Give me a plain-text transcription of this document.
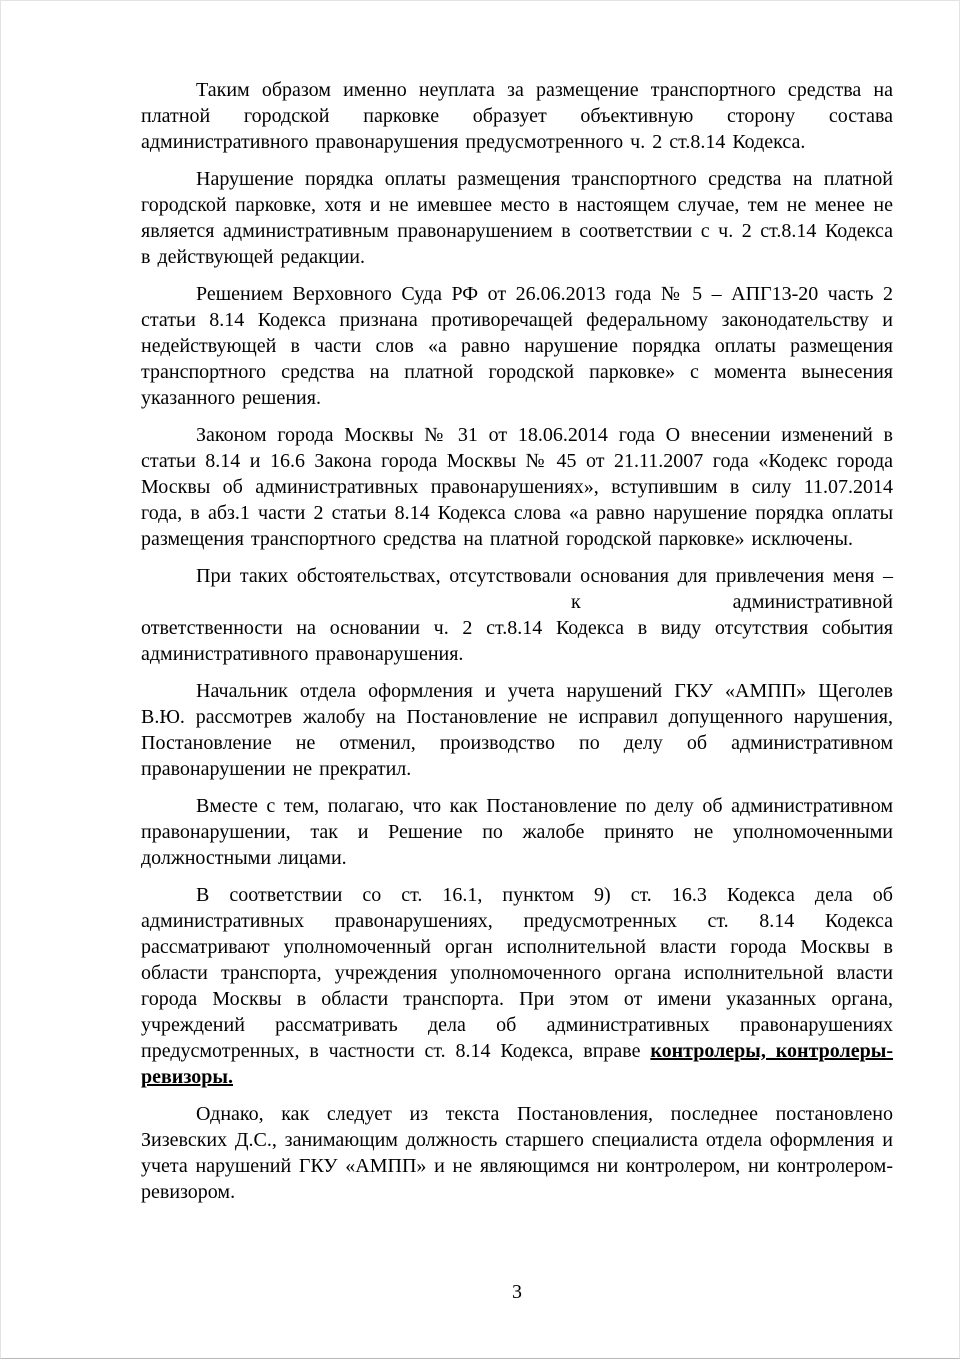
Таким образом именно неуплата за размещение транспортного средства на платной городской парковке образует объективную сторону состава административного правонарушения предусмотренного ч. 2 ст.8.14 Кодекса.

Нарушение порядка оплаты размещения транспортного средства на платной городской парковке, хотя и не имевшее место в настоящем случае, тем не менее не является административным правонарушением в соответствии с ч. 2 ст.8.14 Кодекса в действующей редакции.

Решением Верховного Суда РФ от 26.06.2013 года № 5 – АПГ13-20 часть 2 статьи 8.14 Кодекса признана противоречащей федеральному законодательству и недействующей в части слов «а равно нарушение порядка оплаты размещения транспортного средства на платной городской парковке» с момента вынесения указанного решения.

Законом города Москвы № 31 от 18.06.2014 года О внесении изменений в статьи 8.14 и 16.6 Закона города Москвы № 45 от 21.11.2007 года «Кодекс города Москвы об административных правонарушениях», вступившим в силу 11.07.2014 года, в абз.1 части 2 статьи 8.14 Кодекса слова «а равно нарушение порядка оплаты размещения транспортного средства на платной городской парковке» исключены.

При таких обстоятельствах, отсутствовали основания для привлечения меня –к административной ответственности на основании ч. 2 ст.8.14 Кодекса в виду отсутствия события административного правонарушения.

Начальник отдела оформления и учета нарушений ГКУ «АМПП» Щеголев В.Ю. рассмотрев жалобу на Постановление не исправил допущенного нарушения, Постановление не отменил, производство по делу об административном правонарушении не прекратил.

Вместе с тем, полагаю, что как Постановление по делу об административном правонарушении, так и Решение по жалобе принято не уполномоченными должностными лицами.

В соответствии со ст. 16.1, пунктом 9) ст. 16.3 Кодекса дела об административных правонарушениях, предусмотренных ст. 8.14 Кодекса рассматривают уполномоченный орган исполнительной власти города Москвы в области транспорта, учреждения уполномоченного органа исполнительной власти города Москвы в области транспорта. При этом от имени указанных органа, учреждений рассматривать дела об административных правонарушениях предусмотренных, в частности ст. 8.14 Кодекса, вправе контролеры, контролеры-ревизоры.

Однако, как следует из текста Постановления, последнее постановлено Зизевских Д.С., занимающим должность старшего специалиста отдела оформления и учета нарушений ГКУ «АМПП» и не являющимся ни контролером, ни контролером-ревизором.

3
